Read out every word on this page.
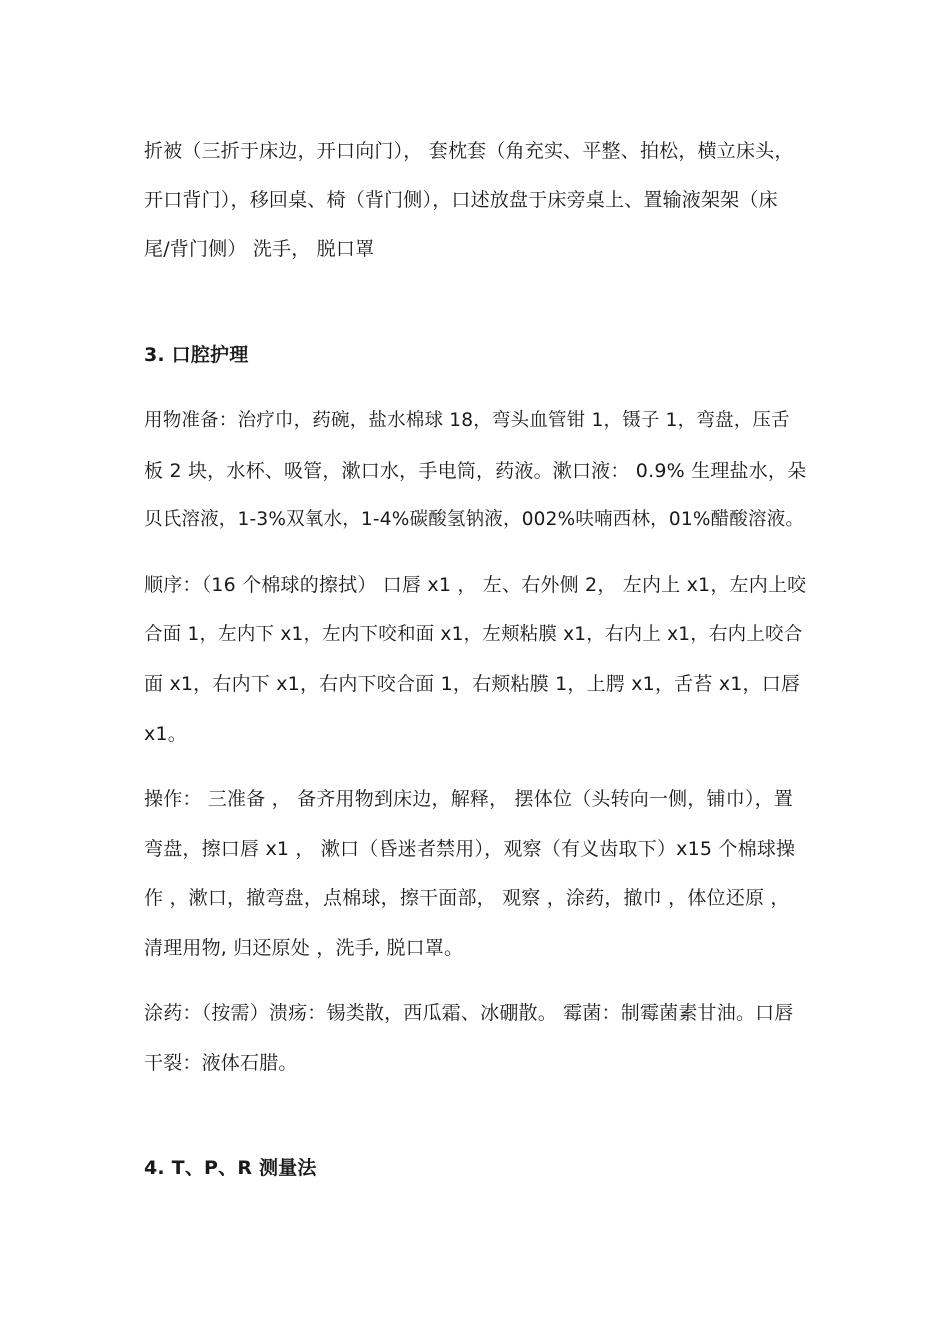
折被（三折于床边，开口向门）， 套枕套（角充实、平整、拍松，横立床头，
开口背门），移回桌、椅（背门侧），口述放盘于床旁桌上、置输液架架（床
尾/背门侧） 洗手， 脱口罩
3. 口腔护理
用物准备：治疗巾，药碗，盐水棉球 18，弯头血管钳 1，镊子 1，弯盘，压舌
板 2 块，水杯、吸管，漱口水，手电筒，药液。漱口液： 0.9% 生理盐水，朵
贝氏溶液，1-3%双氧水，1-4%碳酸氢钠液，002%呋喃西林，01%醋酸溶液。
顺序：（16 个棉球的擦拭） 口唇 x1 ， 左、右外侧 2， 左内上 x1，左内上咬
合面 1，左内下 x1，左内下咬和面 x1，左颊粘膜 x1，右内上 x1，右内上咬合
面 x1，右内下 x1，右内下咬合面 1，右颊粘膜 1，上腭 x1，舌苔 x1，口唇
x1。
操作： 三准备 ， 备齐用物到床边，解释， 摆体位（头转向一侧，铺巾），置
弯盘，擦口唇 x1 ， 漱口（昏迷者禁用），观察（有义齿取下）x15 个棉球操
作 ，漱口，撤弯盘，点棉球，擦干面部， 观察 ，涂药，撤巾 ，体位还原 ，
清理用物, 归还原处 ，洗手, 脱口罩。
涂药：（按需）溃疡：锡类散，西瓜霜、冰硼散。 霉菌：制霉菌素甘油。口唇
干裂：液体石腊。
4. T、P、R 测量法
